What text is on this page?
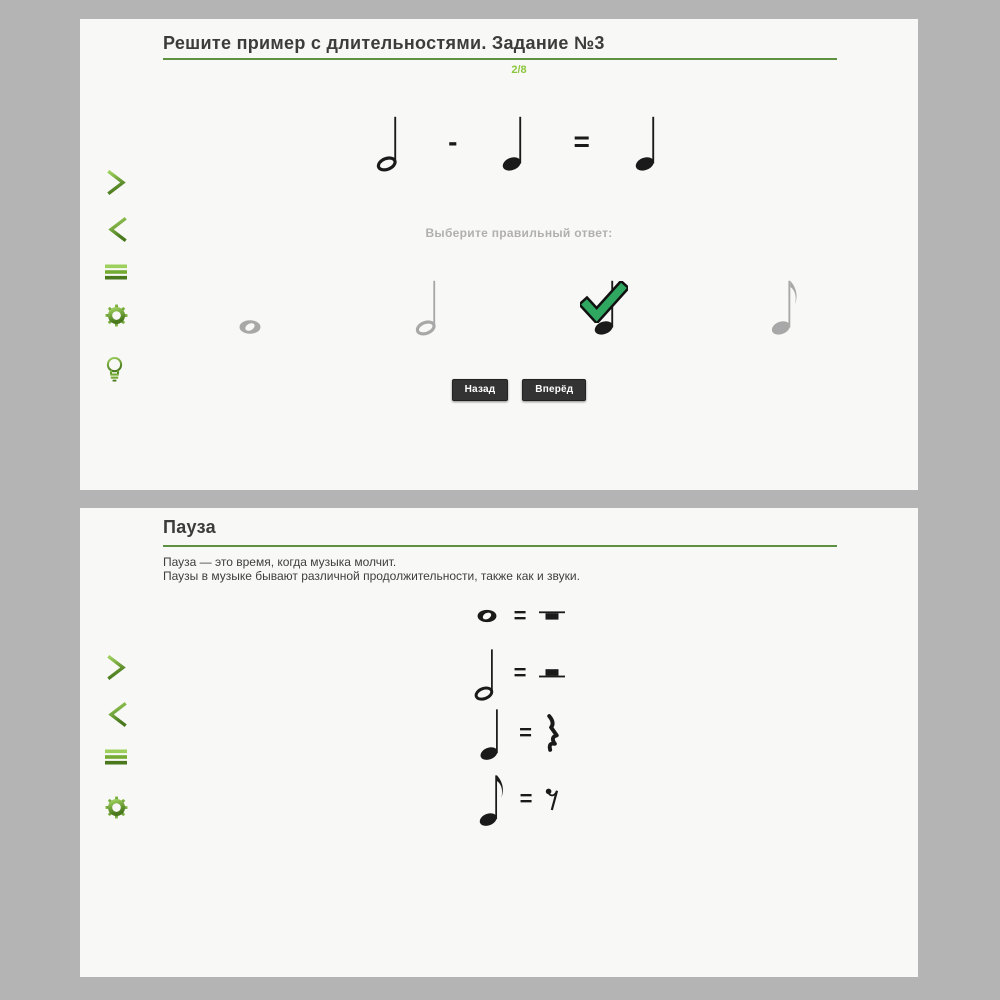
Решите пример с длительностями. Задание №3
2/8
-	=
Выберите правильный ответ:
Назад	Вперёд
Пауза

Пауза — это время, когда музыка молчит.

Паузы в музыке бывают различной продолжительности, также как и звуки.

=
=
=
=
